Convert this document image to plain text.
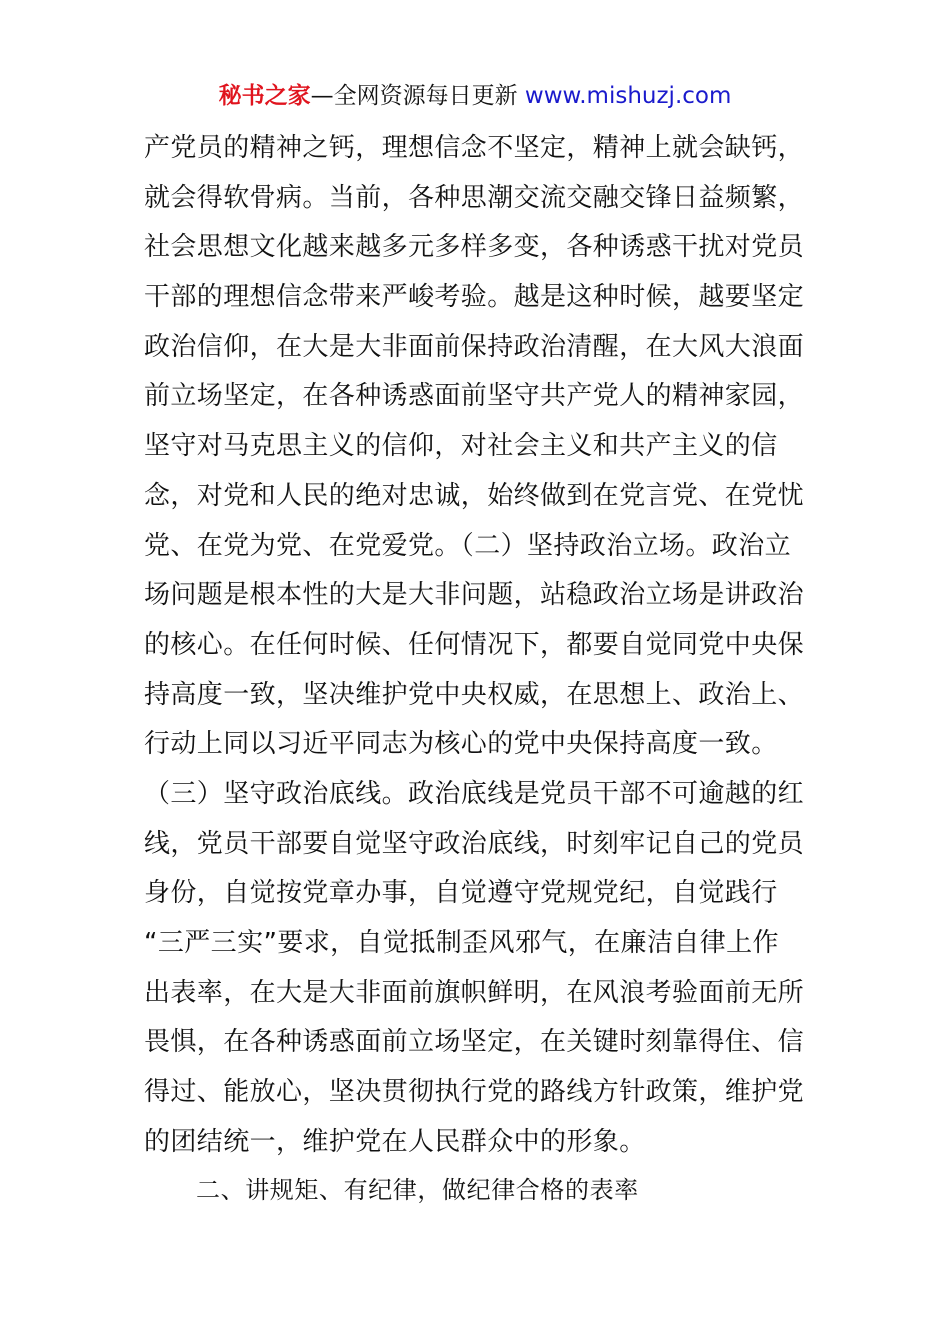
秘书之家—全网资源每日更新 www.mishuzj.com
产党员的精神之钙，理想信念不坚定，精神上就会缺钙，
就会得软骨病。当前，各种思潮交流交融交锋日益频繁，
社会思想文化越来越多元多样多变，各种诱惑干扰对党员
干部的理想信念带来严峻考验。越是这种时候，越要坚定
政治信仰，在大是大非面前保持政治清醒，在大风大浪面
前立场坚定，在各种诱惑面前坚守共产党人的精神家园，
坚守对马克思主义的信仰，对社会主义和共产主义的信
念，对党和人民的绝对忠诚，始终做到在党言党、在党忧
党、在党为党、在党爱党。（二）坚持政治立场。政治立
场问题是根本性的大是大非问题，站稳政治立场是讲政治
的核心。在任何时候、任何情况下，都要自觉同党中央保
持高度一致，坚决维护党中央权威，在思想上、政治上、
行动上同以习近平同志为核心的党中央保持高度一致。
（三）坚守政治底线。政治底线是党员干部不可逾越的红
线，党员干部要自觉坚守政治底线，时刻牢记自己的党员
身份，自觉按党章办事，自觉遵守党规党纪，自觉践行
“三严三实”要求，自觉抵制歪风邪气，在廉洁自律上作
出表率，在大是大非面前旗帜鲜明，在风浪考验面前无所
畏惧，在各种诱惑面前立场坚定，在关键时刻靠得住、信
得过、能放心，坚决贯彻执行党的路线方针政策，维护党
的团结统一，维护党在人民群众中的形象。
二、讲规矩、有纪律，做纪律合格的表率
